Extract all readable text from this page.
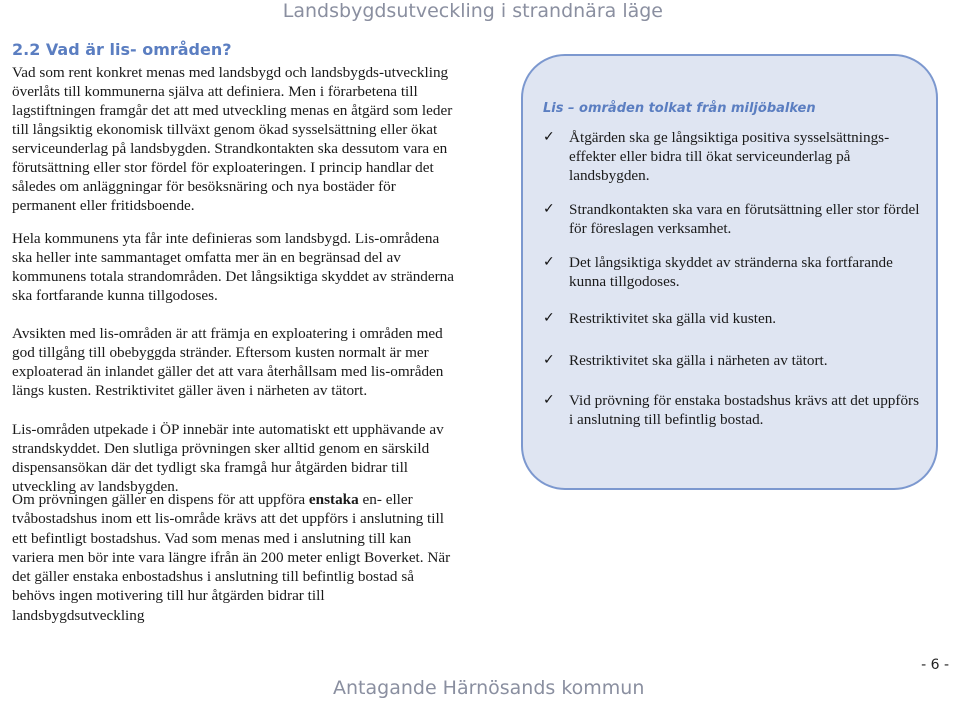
Landsbygdsutveckling i strandnära läge
2.2 Vad är lis- områden?

Vad som rent konkret menas med landsbygd och landsbygds-utveckling överlåts till kommunerna själva att definiera. Men i förarbetena till lagstiftningen framgår det att med utveckling menas en åtgärd som leder till långsiktig ekonomisk tillväxt genom ökad sysselsättning eller ökat serviceunderlag på landsbygden. Strandkontakten ska dessutom vara en förutsättning eller stor fördel för exploateringen. I princip handlar det således om anläggningar för besöksnäring och nya bostäder för permanent eller fritidsboende.

Hela kommunens yta får inte definieras som landsbygd. Lis-områdena ska heller inte sammantaget omfatta mer än en begränsad del av kommunens totala strandområden. Det långsiktiga skyddet av stränderna ska fortfarande kunna tillgodoses.

Avsikten med lis-områden är att främja en exploatering i områden med god tillgång till obebyggda stränder. Eftersom kusten normalt är mer exploaterad än inlandet gäller det att vara återhållsam med lis-områden längs kusten. Restriktivitet gäller även i närheten av tätort.

Lis-områden utpekade i ÖP innebär inte automatiskt ett upphävande av strandskyddet. Den slutliga prövningen sker alltid genom en särskild dispensansökan där det tydligt ska framgå hur åtgärden bidrar till utveckling av landsbygden.

Om prövningen gäller en dispens för att uppföra enstaka en- eller tvåbostadshus inom ett lis-område krävs att det uppförs i anslutning till ett befintligt bostadshus. Vad som menas med i anslutning till kan variera men bör inte vara längre ifrån än 200 meter enligt Boverket. När det gäller enstaka enbostadshus i anslutning till befintlig bostad så behövs ingen motivering till hur åtgärden bidrar till landsbygdsutveckling

Lis – områden tolkat från miljöbalken

✓ Åtgärden ska ge långsiktiga positiva sysselsättnings-effekter eller bidra till ökat serviceunderlag på landsbygden.
✓ Strandkontakten ska vara en förutsättning eller stor fördel för föreslagen verksamhet.
✓ Det långsiktiga skyddet av stränderna ska fortfarande kunna tillgodoses.
✓ Restriktivitet ska gälla vid kusten.
✓ Restriktivitet ska gälla i närheten av tätort.
✓ Vid prövning för enstaka bostadshus krävs att det uppförs i anslutning till befintlig bostad.
- 6 -
Antagande Härnösands kommun
